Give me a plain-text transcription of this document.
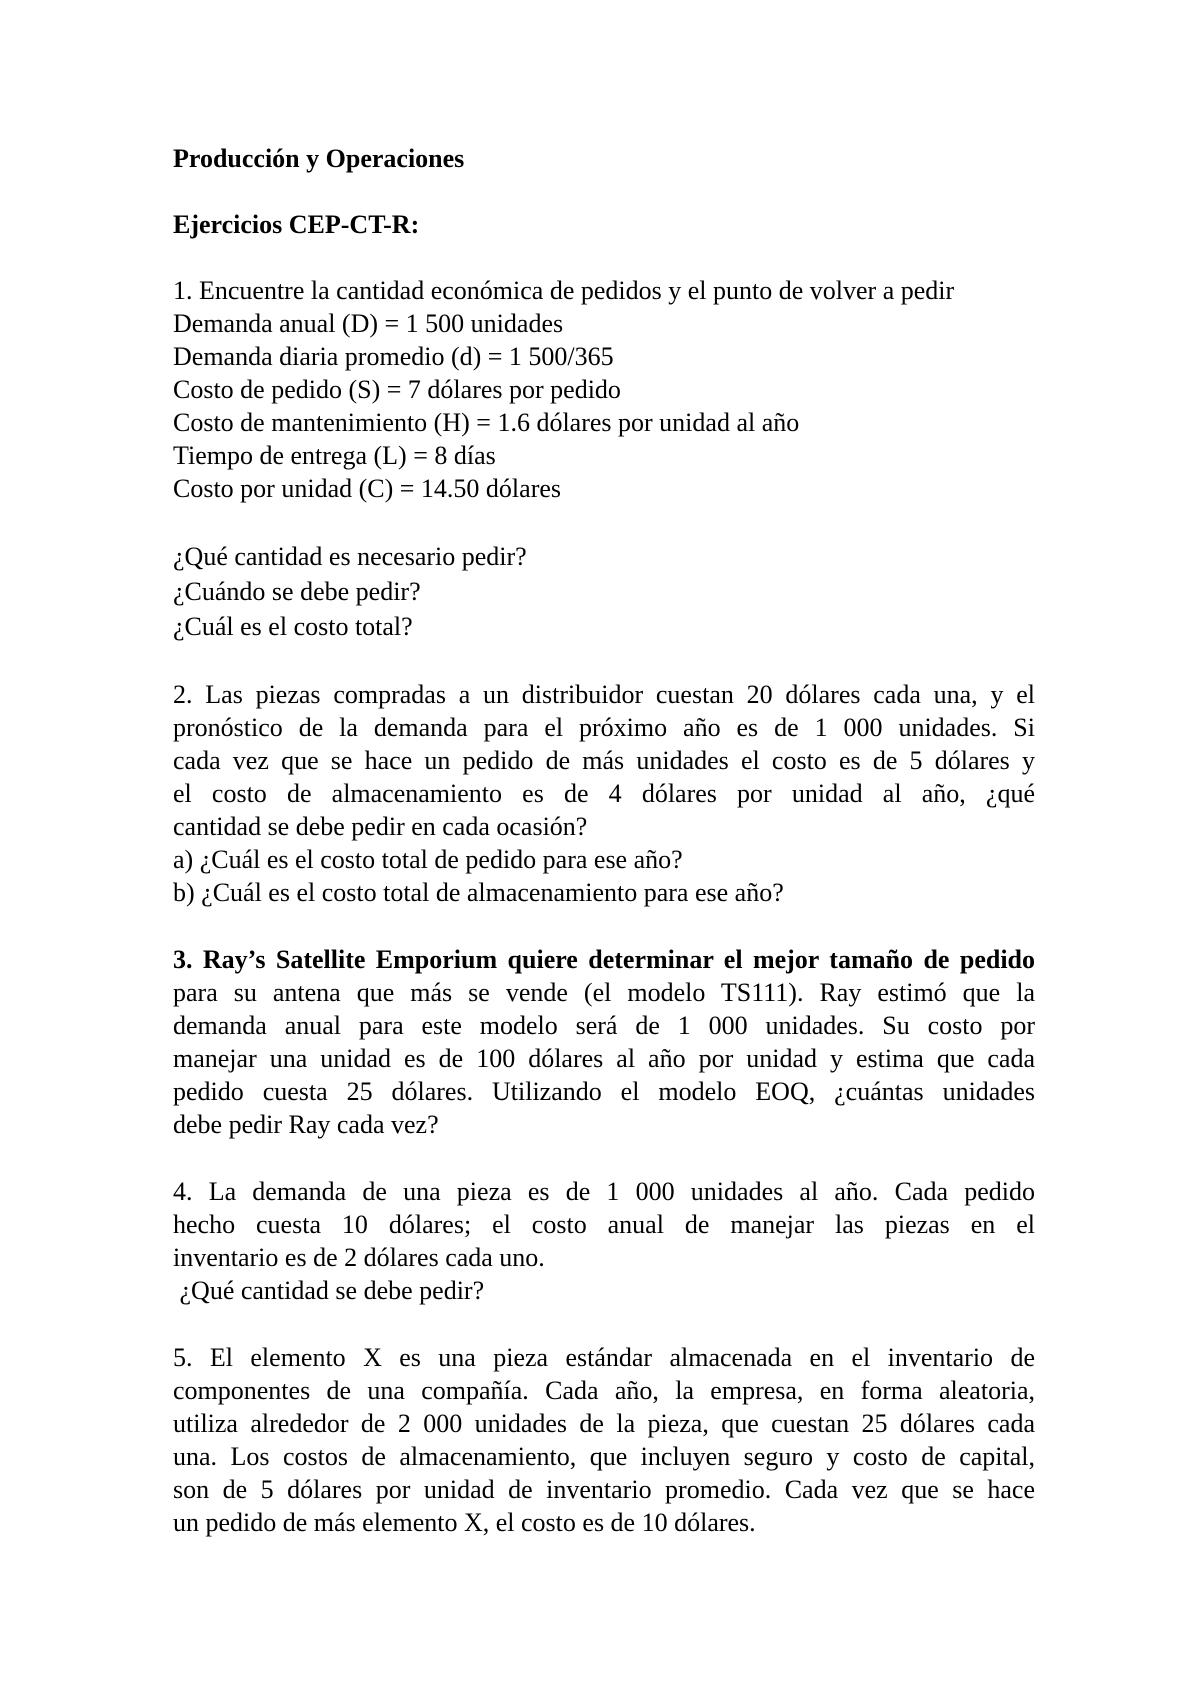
Producción y Operaciones
Ejercicios CEP-CT-R:
1. Encuentre la cantidad económica de pedidos y el punto de volver a pedir
Demanda anual (D) = 1 500 unidades
Demanda diaria promedio (d) = 1 500/365
Costo de pedido (S) = 7 dólares por pedido
Costo de mantenimiento (H) = 1.6 dólares por unidad al año
Tiempo de entrega (L) = 8 días
Costo por unidad (C) = 14.50 dólares
¿Qué cantidad es necesario pedir?
¿Cuándo se debe pedir?
¿Cuál es el costo total?
2. Las piezas compradas a un distribuidor cuestan 20 dólares cada una, y el
pronóstico de la demanda para el próximo año es de 1 000 unidades. Si
cada vez que se hace un pedido de más unidades el costo es de 5 dólares y
el costo de almacenamiento es de 4 dólares por unidad al año, ¿qué
cantidad se debe pedir en cada ocasión?
a) ¿Cuál es el costo total de pedido para ese año?
b) ¿Cuál es el costo total de almacenamiento para ese año?
3. Ray’s Satellite Emporium quiere determinar el mejor tamaño de pedido
para su antena que más se vende (el modelo TS111). Ray estimó que la
demanda anual para este modelo será de 1 000 unidades. Su costo por
manejar una unidad es de 100 dólares al año por unidad y estima que cada
pedido cuesta 25 dólares. Utilizando el modelo EOQ, ¿cuántas unidades
debe pedir Ray cada vez?
4. La demanda de una pieza es de 1 000 unidades al año. Cada pedido
hecho cuesta 10 dólares; el costo anual de manejar las piezas en el
inventario es de 2 dólares cada uno.
¿Qué cantidad se debe pedir?
5. El elemento X es una pieza estándar almacenada en el inventario de
componentes de una compañía. Cada año, la empresa, en forma aleatoria,
utiliza alrededor de 2 000 unidades de la pieza, que cuestan 25 dólares cada
una. Los costos de almacenamiento, que incluyen seguro y costo de capital,
son de 5 dólares por unidad de inventario promedio. Cada vez que se hace
un pedido de más elemento X, el costo es de 10 dólares.
